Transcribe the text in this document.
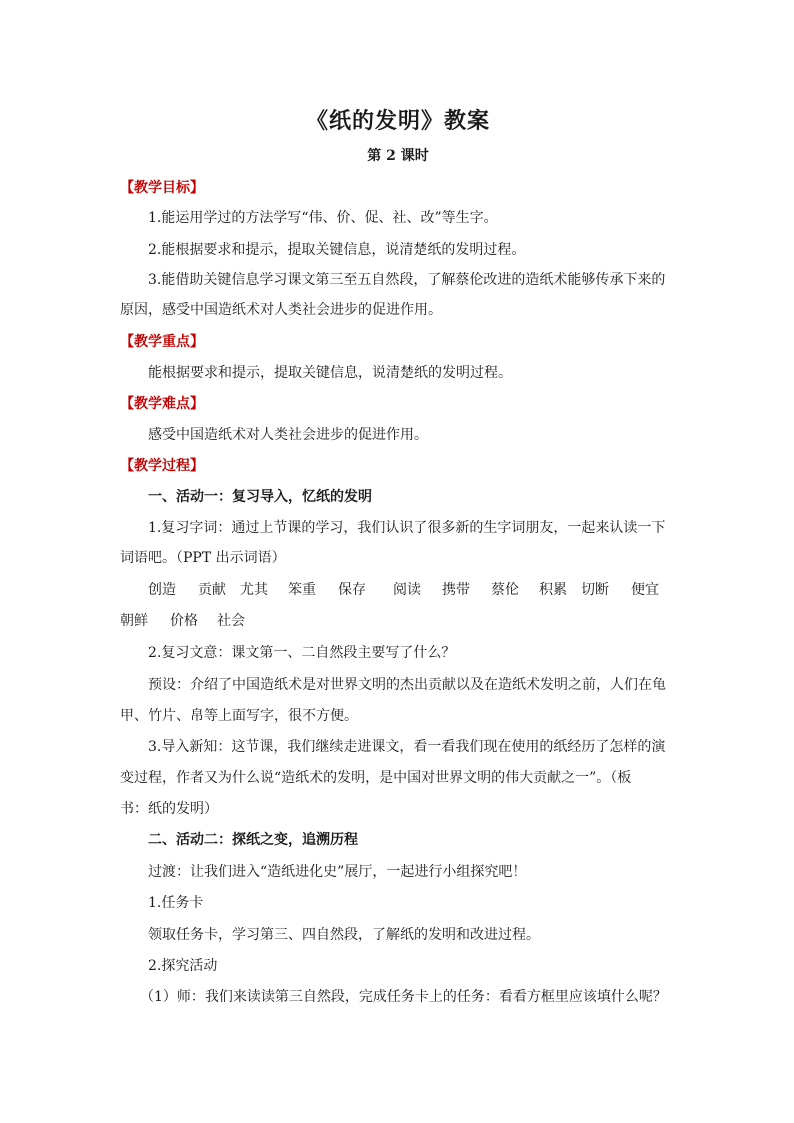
《纸的发明》教案
第 2 课时
【教学目标】
1.能运用学过的方法学写“伟、价、促、社、改”等生字。
2.能根据要求和提示，提取关键信息，说清楚纸的发明过程。
3.能借助关键信息学习课文第三至五自然段，了解蔡伦改进的造纸术能够传承下来的
原因，感受中国造纸术对人类社会进步的促进作用。
【教学重点】
能根据要求和提示，提取关键信息，说清楚纸的发明过程。
【教学难点】
感受中国造纸术对人类社会进步的促进作用。
【教学过程】
一、活动一：复习导入，忆纸的发明
1.复习字词：通过上节课的学习，我们认识了很多新的生字词朋友，一起来认读一下
词语吧。（PPT 出示词语）
创造 贡献 尤其 笨重 保存 阅读 携带 蔡伦 积累 切断 便宜
朝鲜 价格 社会
2.复习文意：课文第一、二自然段主要写了什么？
预设：介绍了中国造纸术是对世界文明的杰出贡献以及在造纸术发明之前，人们在龟
甲、竹片、帛等上面写字，很不方便。
3.导入新知：这节课，我们继续走进课文，看一看我们现在使用的纸经历了怎样的演
变过程，作者又为什么说“造纸术的发明，是中国对世界文明的伟大贡献之一”。（板
书：纸的发明）
二、活动二：探纸之变，追溯历程
过渡：让我们进入“造纸进化史”展厅，一起进行小组探究吧！
1.任务卡
领取任务卡，学习第三、四自然段，了解纸的发明和改进过程。
2.探究活动
（1）师：我们来读读第三自然段，完成任务卡上的任务：看看方框里应该填什么呢？
